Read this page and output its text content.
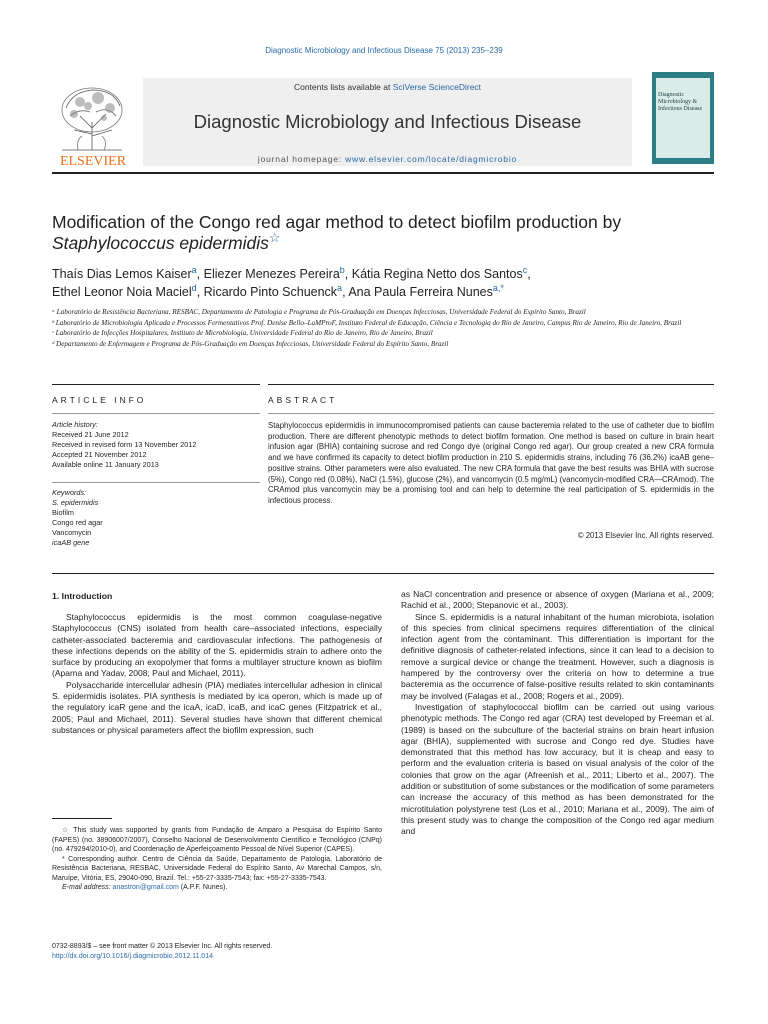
Diagnostic Microbiology and Infectious Disease 75 (2013) 235–239
ELSEVIER
Contents lists available at SciVerse ScienceDirect
Diagnostic Microbiology and Infectious Disease
journal homepage: www.elsevier.com/locate/diagmicrobio
Diagnostic Microbiology & Infectious Disease
Modification of the Congo red agar method to detect biofilm production by
Staphylococcus epidermidis☆
Thaís Dias Lemos Kaiser$^a$, Eliezer Menezes Pereira$^b$, Kátia Regina Netto dos Santos$^c$,
Ethel Leonor Noia Maciel$^d$, Ricardo Pinto Schuenck$^a$, Ana Paula Ferreira Nunes$^{a,*}$
ᵃ Laboratório de Resistência Bacteriana, RESBAC, Departamento de Patologia e Programa de Pós-Graduação em Doenças Infecciosas, Universidade Federal do Espírito Santo, Brazil
ᵇ Laboratório de Microbiologia Aplicada e Processos Fermentativos Prof. Denise Bello–LaMProF, Instituto Federal de Educação, Ciência e Tecnologia do Rio de Janeiro, Campus Rio de Janeiro, Rio de Janeiro, Brazil
ᶜ Laboratório de Infecções Hospitalares, Instituto de Microbiologia, Universidade Federal do Rio de Janeiro, Rio de Janeiro, Brazil
ᵈ Departamento de Enfermagem e Programa de Pós-Graduação em Doenças Infecciosas, Universidade Federal do Espírito Santo, Brazil
ARTICLE INFO	ABSTRACT
Article history:
Received 21 June 2012
Received in revised form 13 November 2012
Accepted 21 November 2012
Available online 11 January 2013
Keywords:
S. epidermidis
Biofilm
Congo red agar
Vancomycin
icaAB gene
Staphylococcus epidermidis in immunocompromised patients can cause bacteremia related to the use of catheter due to biofilm production. There are different phenotypic methods to detect biofilm formation. One method is based on culture in brain heart infusion agar (BHIA) containing sucrose and red Congo dye (original Congo red agar). Our group created a new CRA formula and we have confirmed its capacity to detect biofilm production in 210 S. epidermidis strains, including 76 (36.2%) icaAB gene–positive strains. Other parameters were also evaluated. The new CRA formula that gave the best results was BHIA with sucrose (5%), Congo red (0.08%), NaCl (1.5%), glucose (2%), and vancomycin (0.5 mg/mL) (vancomycin-modified CRA—CRAmod). The CRAmod plus vancomycin may be a promising tool and can help to determine the real participation of S. epidermidis in the infectious process.
© 2013 Elsevier Inc. All rights reserved.
1. Introduction

Staphylococcus epidermidis is the most common coagulase-negative Staphylococcus (CNS) isolated from health care–associated infections, especially catheter-associated bacteremia and cardiovascular infections. The pathogenesis of these infections depends on the ability of the S. epidermidis strain to adhere onto the surface by producing an exopolymer that forms a multilayer structure known as biofilm (Aparna and Yadav, 2008; Paul and Michael, 2011).

Polysaccharide intercellular adhesin (PIA) mediates intercellular adhesion in clinical S. epidermidis isolates. PIA synthesis is mediated by ica operon, which is made up of the regulatory icaR gene and the icaA, icaD, icaB, and icaC genes (Fitzpatrick et al., 2005; Paul and Michael, 2011). Several studies have shown that different chemical substances or physical parameters affect the biofilm expression, such

as NaCl concentration and presence or absence of oxygen (Mariana et al., 2009; Rachid et al., 2000; Stepanovic et al., 2003).

Since S. epidermidis is a natural inhabitant of the human microbiota, isolation of this species from clinical specimens requires differentiation of the clinical infection agent from the contaminant. This differentiation is important for the definitive diagnosis of catheter-related infections, since it can lead to a decision to remove a surgical device or change the treatment. However, such a diagnosis is hampered by the controversy over the criteria on how to determine a true bacteremia as the occurrence of false-positive results related to skin contaminants may be involved (Falagas et al., 2008; Rogers et al., 2009).

Investigation of staphylococcal biofilm can be carried out using various phenotypic methods. The Congo red agar (CRA) test developed by Freeman et al. (1989) is based on the subculture of the bacterial strains on brain heart infusion agar (BHIA), supplemented with sucrose and Congo red dye. Studies have demonstrated that this method has low accuracy, but it is cheap and easy to perform and the evaluation criteria is based on visual analysis of the color of the colonies that grow on the agar (Afreenish et al., 2011; Liberto et al., 2007). The addition or substitution of some substances or the modification of some parameters can increase the accuracy of this method as has been demonstrated for the microtitulation polystyrene test (Los et al., 2010; Mariana et al., 2009). The aim of this present study was to change the composition of the Congo red agar medium and

☆ This study was supported by grants from Fundação de Amparo a Pesquisa do Espírito Santo (FAPES) (no. 38906007/2007), Conselho Nacional de Desenvolvimento Científico e Tecnológico (CNPq) (no. 479294/2010-0), and Coordenação de Aperfeiçoamento Pessoal de Nível Superior (CAPES).

* Corresponding author. Centro de Ciência da Saúde, Departamento de Patologia, Laboratório de Resistência Bacteriana, RESBAC, Universidade Federal do Espírito Santo, Av Marechal Campos, s/n, Maruípe, Vitória, ES, 29040-090, Brazil. Tel.: +55-27-3335-7543; fax: +55-27-3335-7543.

E-mail address: anastron@gmail.com (A.P.F. Nunes).

0732-8893/$ – see front matter © 2013 Elsevier Inc. All rights reserved.
http://dx.doi.org/10.1016/j.diagmicrobio.2012.11.014
